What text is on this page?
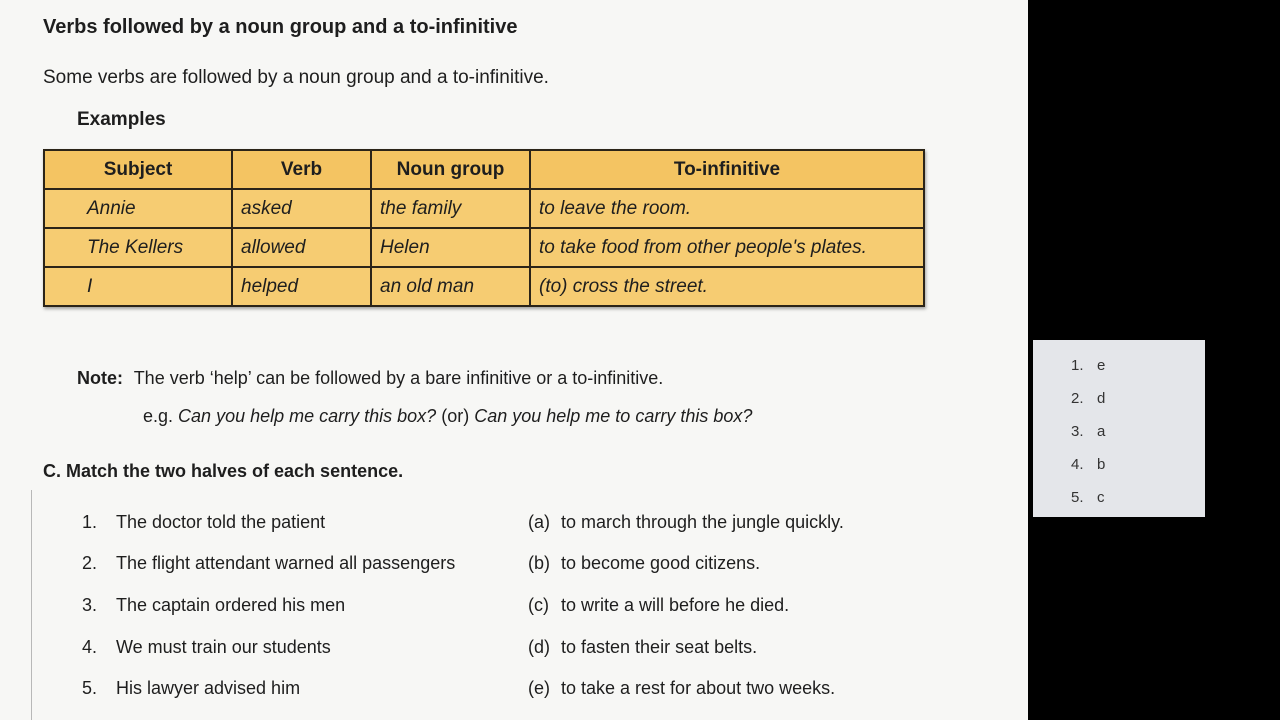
Verbs followed by a noun group and a to-infinitive
Some verbs are followed by a noun group and a to-infinitive.
Examples
Subject	Verb	Noun group	To-infinitive
Annie	asked	the family	to leave the room.
The Kellers	allowed	Helen	to take food from other people's plates.
I	helped	an old man	(to) cross the street.
Note: The verb ‘help’ can be followed by a bare infinitive or a to-infinitive.
e.g. Can you help me carry this box? (or) Can you help me to carry this box?
C. Match the two halves of each sentence.
1.	The doctor told the patient	(a) to march through the jungle quickly.
2.	The flight attendant warned all passengers	(b) to become good citizens.
3.	The captain ordered his men	(c) to write a will before he died.
4.	We must train our students	(d) to fasten their seat belts.
5.	His lawyer advised him	(e) to take a rest for about two weeks.
1. e
2. d
3. a
4. b
5. c
